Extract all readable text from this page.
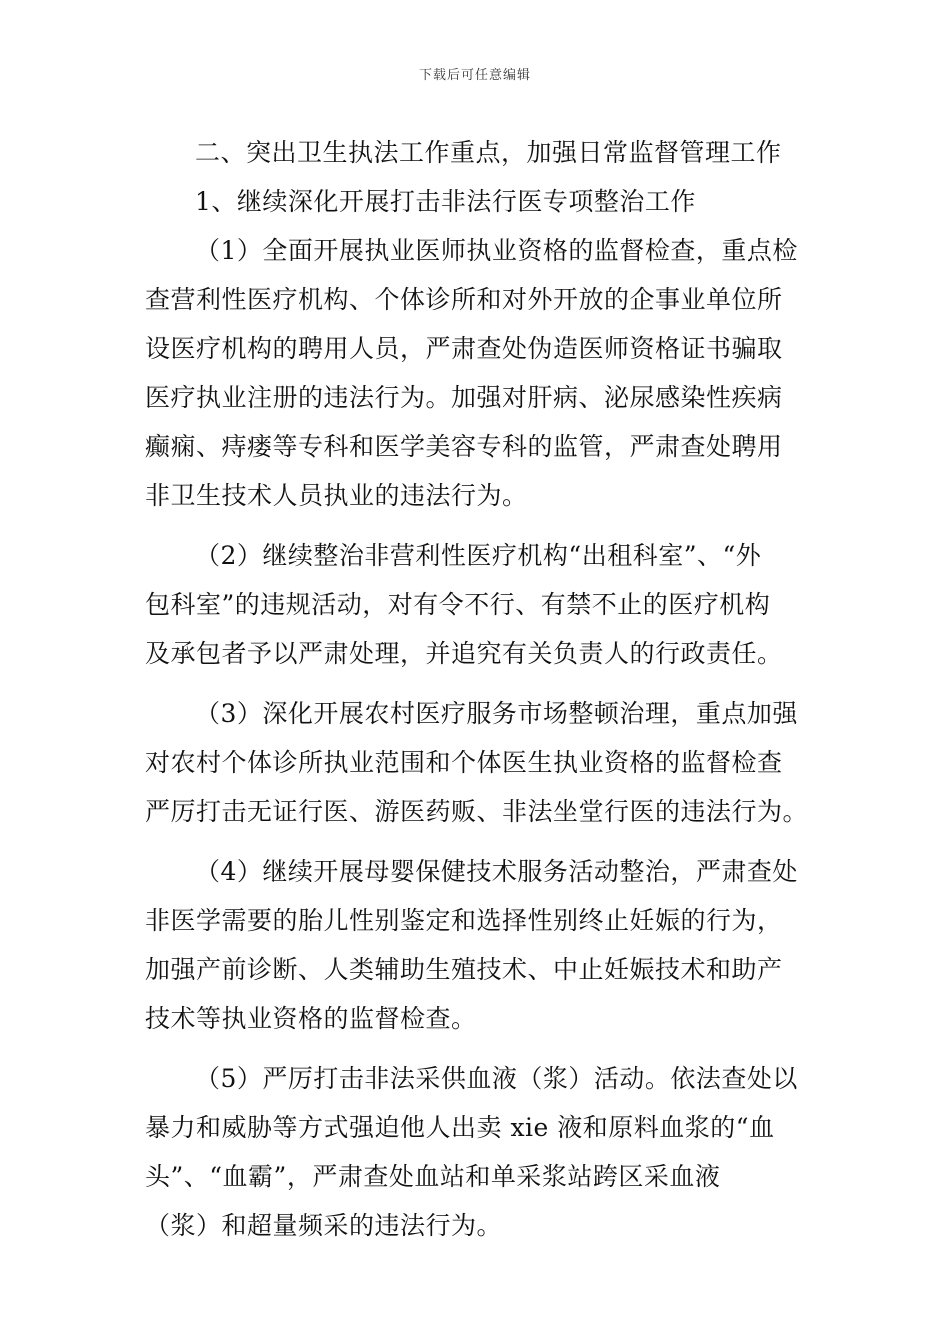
下载后可任意编辑
二、突出卫生执法工作重点，加强日常监督管理工作
1、继续深化开展打击非法行医专项整治工作
（1）全面开展执业医师执业资格的监督检查，重点检
查营利性医疗机构、个体诊所和对外开放的企事业单位所
设医疗机构的聘用人员，严肃查处伪造医师资格证书骗取
医疗执业注册的违法行为。加强对肝病、泌尿感染性疾病
癫痫、痔瘘等专科和医学美容专科的监管，严肃查处聘用
非卫生技术人员执业的违法行为。
（2）继续整治非营利性医疗机构“出租科室”、“外
包科室”的违规活动，对有令不行、有禁不止的医疗机构
及承包者予以严肃处理，并追究有关负责人的行政责任。
（3）深化开展农村医疗服务市场整顿治理，重点加强
对农村个体诊所执业范围和个体医生执业资格的监督检查
严厉打击无证行医、游医药贩、非法坐堂行医的违法行为。
（4）继续开展母婴保健技术服务活动整治，严肃查处
非医学需要的胎儿性别鉴定和选择性别终止妊娠的行为，
加强产前诊断、人类辅助生殖技术、中止妊娠技术和助产
技术等执业资格的监督检查。
（5）严厉打击非法采供血液（浆）活动。依法查处以
暴力和威胁等方式强迫他人出卖 xie 液和原料血浆的“血
头”、“血霸”，严肃查处血站和单采浆站跨区采血液
（浆）和超量频采的违法行为。
